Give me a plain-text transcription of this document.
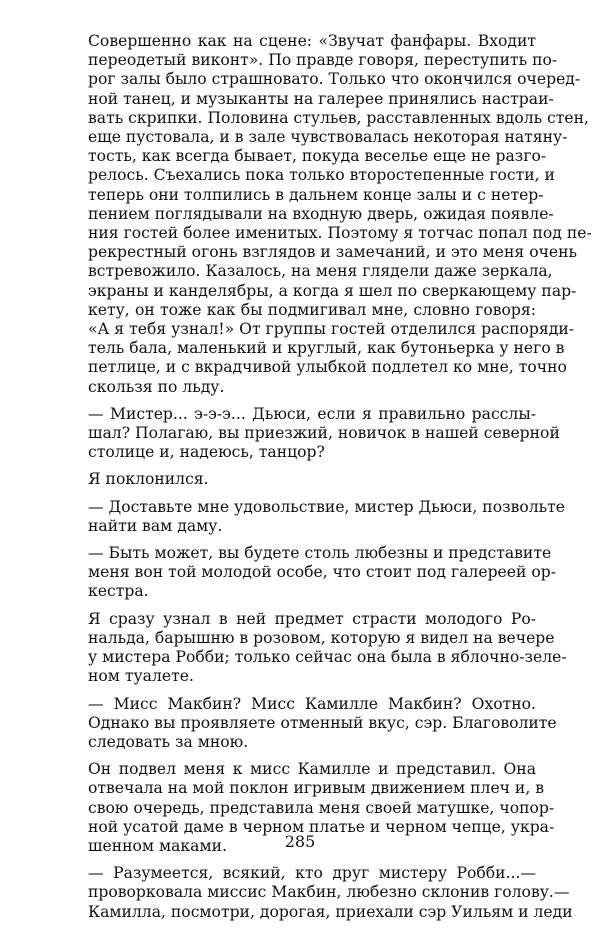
Совершенно как на сцене: «Звучат фанфары. Входит
переодетый виконт». По правде говоря, переступить по-
рог залы было страшновато. Только что окончился очеред-
ной танец, и музыканты на галерее принялись настраи-
вать скрипки. Половина стульев, расставленных вдоль стен,
еще пустовала, и в зале чувствовалась некоторая натяну-
тость, как всегда бывает, покуда веселье еще не разго-
релось. Съехались пока только второстепенные гости, и
теперь они толпились в дальнем конце залы и с нетер-
пением поглядывали на входную дверь, ожидая появле-
ния гостей более именитых. Поэтому я тотчас попал под пе-
рекрестный огонь взглядов и замечаний, и это меня очень
встревожило. Казалось, на меня глядели даже зеркала,
экраны и канделябры, а когда я шел по сверкающему пар-
кету, он тоже как бы подмигивал мне, словно говоря:
«А я тебя узнал!» От группы гостей отделился распоряди-
тель бала, маленький и круглый, как бутоньерка у него в
петлице, и с вкрадчивой улыбкой подлетел ко мне, точно
скользя по льду.

— Мистер... э-э-э... Дьюси, если я правильно расслы-
шал? Полагаю, вы приезжий, новичок в нашей северной
столице и, надеюсь, танцор?

Я поклонился.

— Доставьте мне удовольствие, мистер Дьюси, позвольте
найти вам даму.

— Быть может, вы будете столь любезны и представите
меня вон той молодой особе, что стоит под галереей ор-
кестра.

Я сразу узнал в ней предмет страсти молодого Ро-
нальда, барышню в розовом, которую я видел на вечере
у мистера Робби; только сейчас она была в яблочно-зеле-
ном туалете.

— Мисс Макбин? Мисс Камилле Макбин? Охотно.
Однако вы проявляете отменный вкус, сэр. Благоволите
следовать за мною.

Он подвел меня к мисс Камилле и представил. Она
отвечала на мой поклон игривым движением плеч и, в
свою очередь, представила меня своей матушке, чопор-
ной усатой даме в черном платье и черном чепце, укра-
шенном маками.

— Разумеется, всякий, кто друг мистеру Робби...—
проворковала миссис Макбин, любезно склонив голову.—
Камилла, посмотри, дорогая, приехали сэр Уильям и леди

285
